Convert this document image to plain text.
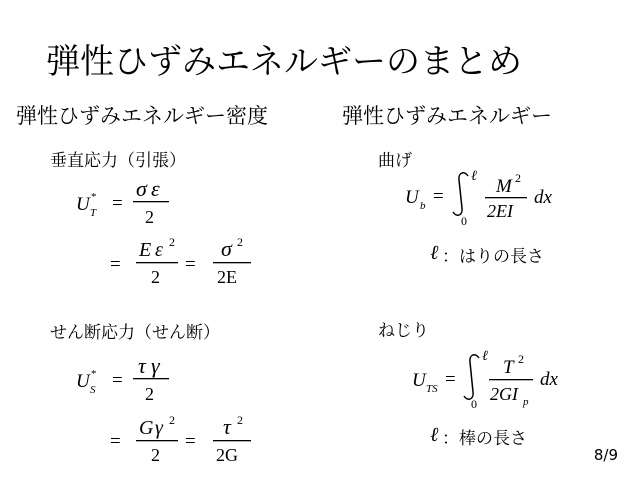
弾性ひずみエネルギーのまとめ
弾性ひずみエネルギー密度	弾性ひずみエネルギー
垂直応力（引張）
せん断応力（せん断）
曲げ
ねじり
U *
T =
σ ε
2
=
E ε 2
2
=
σ 2
2E
U *
S =
τ γ
2
=
G γ 2
2
=
τ 2
2G
U b =
ℓ
0
M 2
2EI
dx
ℓ
U TS =
ℓ
0
T 2
2GI p
dx
ℓ
：はりの長さ
：棒の長さ
8/9
